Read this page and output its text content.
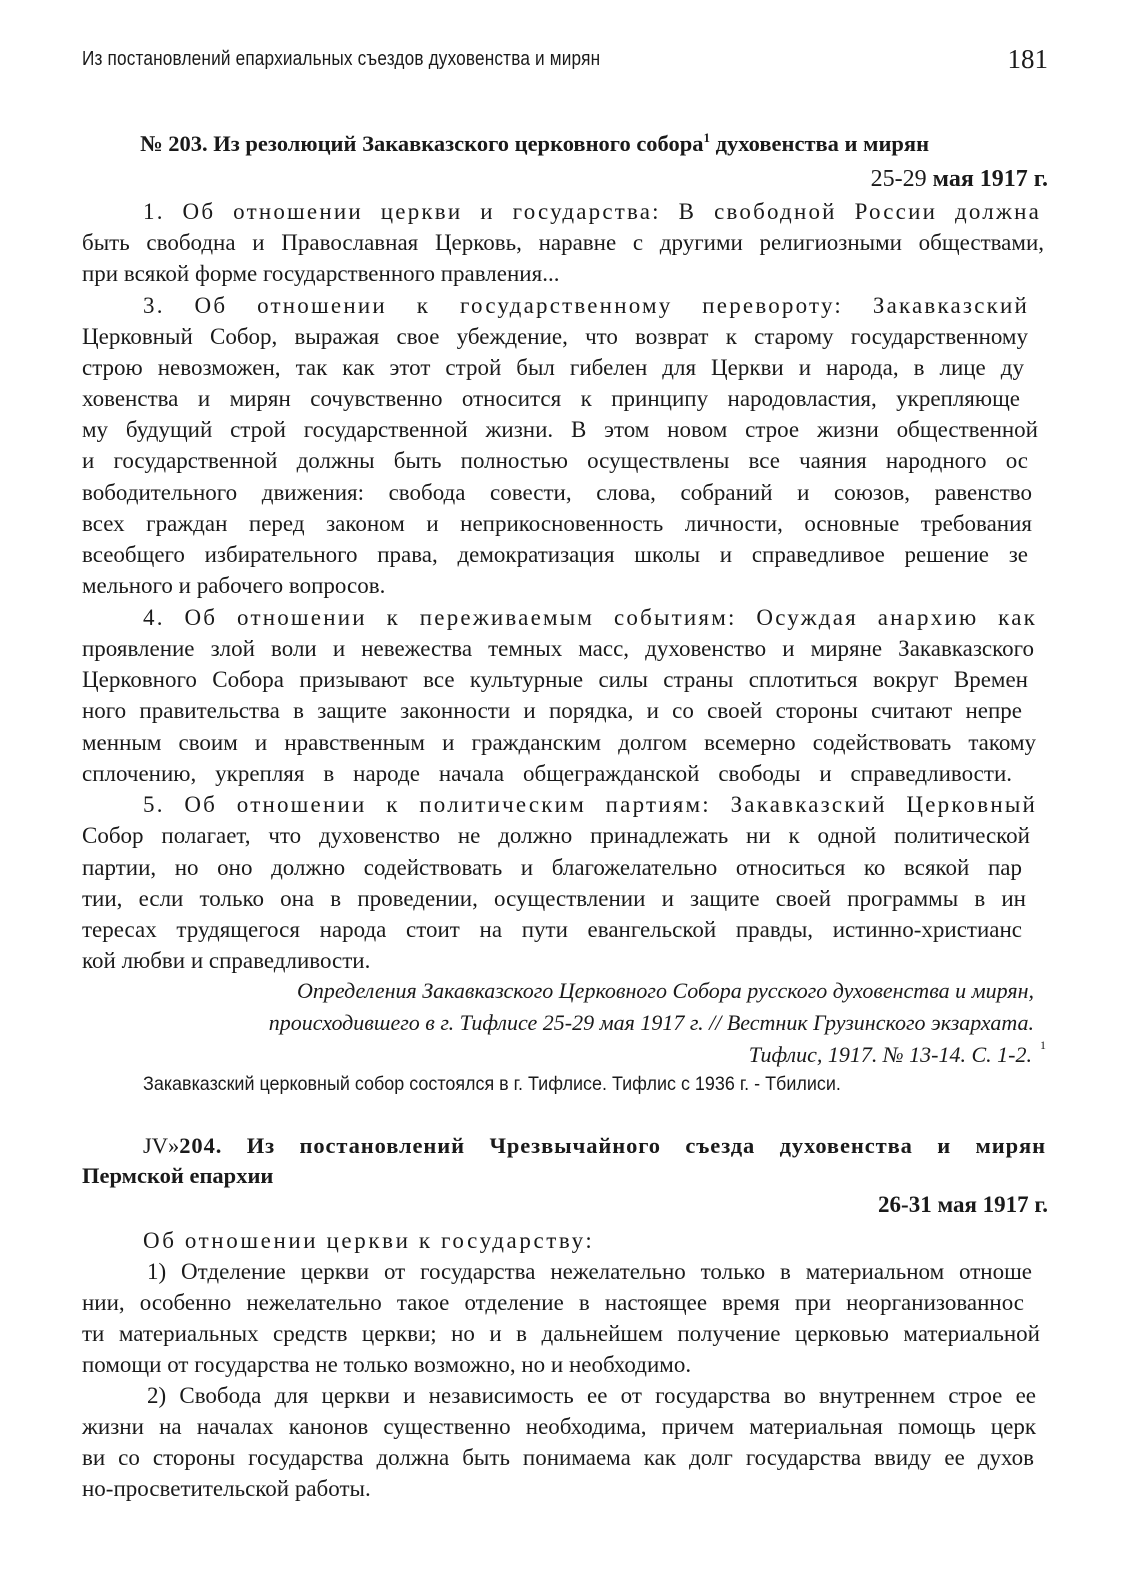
Из постановлений епархиальных съездов духовенства и мирян	181
№ 203. Из резолюций Закавказского церковного собора$^1$ духовенства и мирян
25-29 мая 1917 г.
1. Об отношении церкви и государства: В свободной России должна
быть свободна и Православная Церковь, наравне с другими религиозными обществами,
при всякой форме государственного правления...
3. Об отношении к государственному перевороту: Закавказский
Церковный Собор, выражая свое убеждение, что возврат к старому государственному
строю невозможен, так как этот строй был гибелен для Церкви и народа, в лице ду
ховенства и мирян сочувственно относится к принципу народовластия, укрепляюще
му будущий строй государственной жизни. В этом новом строе жизни общественной
и государственной должны быть полностью осуществлены все чаяния народного ос
вободительного движения: свобода совести, слова, собраний и союзов, равенство
всех граждан перед законом и неприкосновенность личности, основные требования
всеобщего избирательного права, демократизация школы и справедливое решение зе
мельного и рабочего вопросов.
4. Об отношении к переживаемым событиям: Осуждая анархию как
проявление злой воли и невежества темных масс, духовенство и миряне Закавказского
Церковного Собора призывают все культурные силы страны сплотиться вокруг Времен
ного правительства в защите законности и порядка, и со своей стороны считают непре
менным своим и нравственным и гражданским долгом всемерно содействовать такому
сплочению, укрепляя в народе начала общегражданской свободы и справедливости.
5. Об отношении к политическим партиям: Закавказский Церковный
Собор полагает, что духовенство не должно принадлежать ни к одной политической
партии, но оно должно содействовать и благожелательно относиться ко всякой пар
тии, если только она в проведении, осуществлении и защите своей программы в ин
тересах трудящегося народа стоит на пути евангельской правды, истинно-христианс
кой любви и справедливости.
Определения Закавказского Церковного Собора русского духовенства и мирян,
происходившего в г. Тифлисе 25-29 мая 1917 г. // Вестник Грузинского экзархата.
Тифлис, 1917. № 13-14. С. 1-2. 1
Закавказский церковный собор состоялся в г. Тифлисе. Тифлис с 1936 г. - Тбилиси.
JV» 204. Из постановлений Чрезвычайного съезда духовенства и мирян
Пермской епархии
26-31 мая 1917 г.
Об отношении церкви к государству:
1) Отделение церкви от государства нежелательно только в материальном отноше
нии, особенно нежелательно такое отделение в настоящее время при неорганизованнос
ти материальных средств церкви; но и в дальнейшем получение церковью материальной
помощи от государства не только возможно, но и необходимо.
2) Свобода для церкви и независимость ее от государства во внутреннем строе ее
жизни на началах канонов существенно необходима, причем материальная помощь церк
ви со стороны государства должна быть понимаема как долг государства ввиду ее духов
но-просветительской работы.
